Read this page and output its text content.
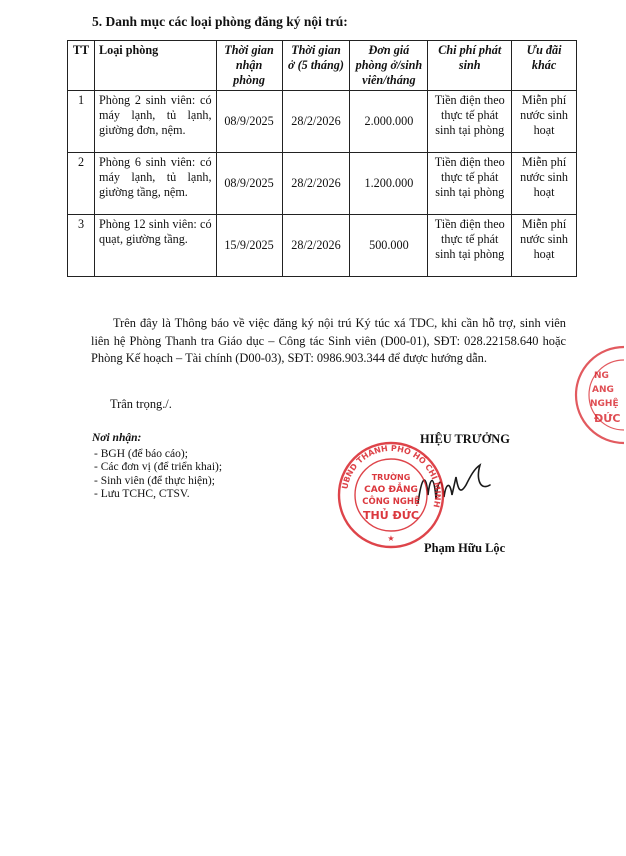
5. Danh mục các loại phòng đăng ký nội trú:
TT	Loại phòng	Thời gian nhận phòng	Thời gian ở (5 tháng)	Đơn giá phòng ở/sinh viên/tháng	Chi phí phát sinh	Ưu đãi khác
1	Phòng 2 sinh viên: có máy lạnh, tủ lạnh, giường đơn, nệm.	08/9/2025	28/2/2026	2.000.000	Tiền điện theo thực tế phát sinh tại phòng	Miễn phí nước sinh hoạt
2	Phòng 6 sinh viên: có máy lạnh, tủ lạnh, giường tầng, nệm.	08/9/2025	28/2/2026	1.200.000	Tiền điện theo thực tế phát sinh tại phòng	Miễn phí nước sinh hoạt
3	Phòng 12 sinh viên: có quạt, giường tầng.	15/9/2025	28/2/2026	500.000	Tiền điện theo thực tế phát sinh tại phòng	Miễn phí nước sinh hoạt

Trên đây là Thông báo về việc đăng ký nội trú Ký túc xá TDC, khi cần hỗ trợ, sinh viên liên hệ Phòng Thanh tra Giáo dục – Công tác Sinh viên (D00-01), SĐT: 028.22158.640 hoặc Phòng Kế hoạch – Tài chính (D00-03), SĐT: 0986.903.344 để được hướng dẫn.

Trân trọng./.
Nơi nhận:
- BGH (để báo cáo);
- Các đơn vị (để triển khai);
- Sinh viên (để thực hiện);
- Lưu TCHC, CTSV.
NG
ANG
NGHỆ
ĐỨC
HIỆU TRƯỞNG
UBND THÀNH PHỐ HỒ CHÍ MINH
TRƯỜNG
CAO ĐẲNG
CÔNG NGHỆ
THỦ ĐỨC
★
Phạm Hữu Lộc
